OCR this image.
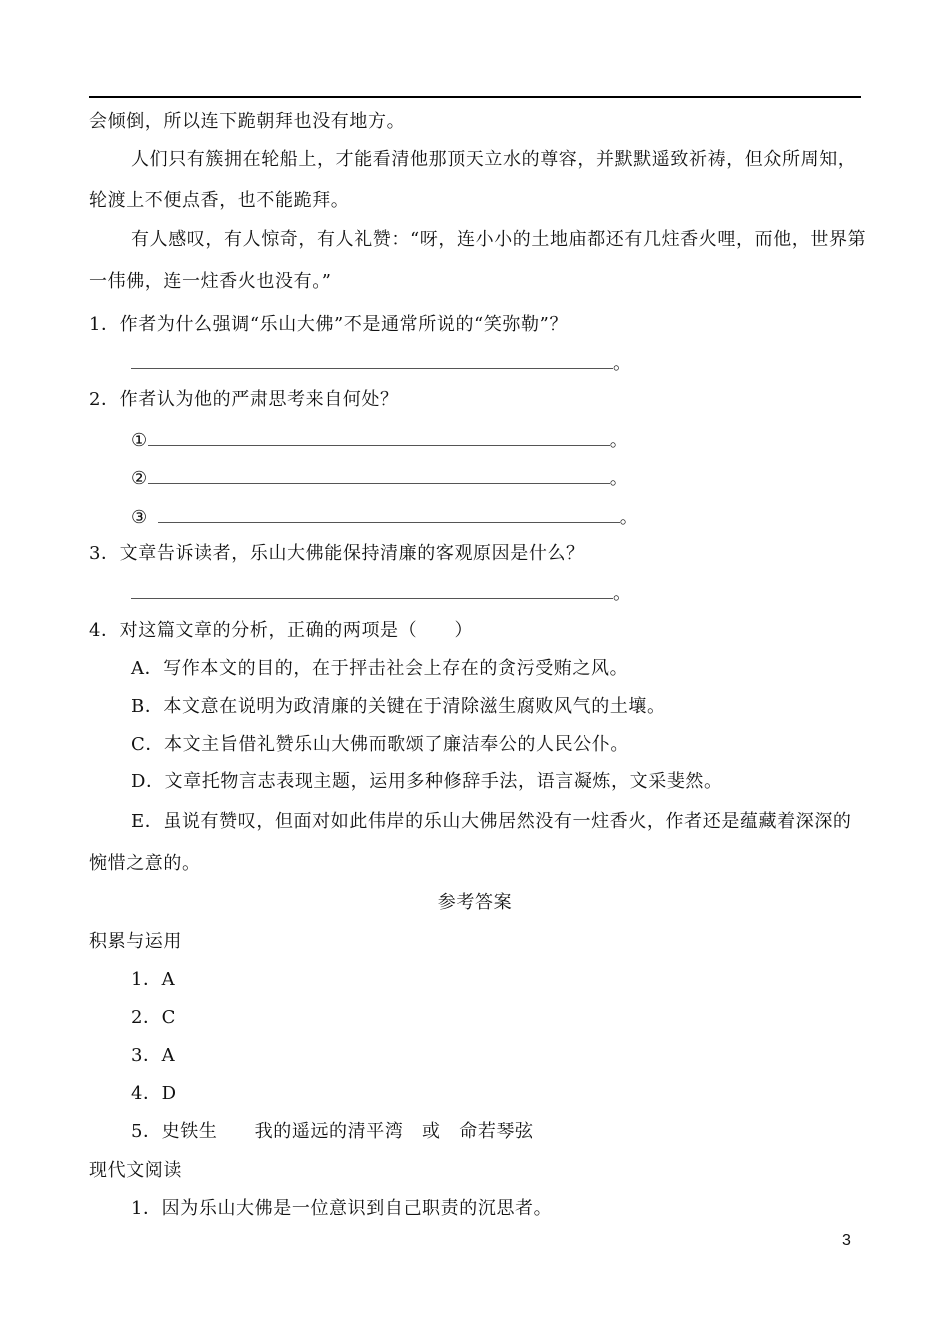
会倾倒，所以连下跪朝拜也没有地方。
人们只有簇拥在轮船上，才能看清他那顶天立水的尊容，并默默遥致祈祷，但众所周知，
轮渡上不便点香，也不能跪拜。
有人感叹，有人惊奇，有人礼赞：“呀，连小小的土地庙都还有几炷香火哩，而他，世界第
一伟佛，连一炷香火也没有。”
1．作者为什么强调“乐山大佛”不是通常所说的“笑弥勒”？
。
2．作者认为他的严肃思考来自何处？
①	。
②	。
③	。
3．文章告诉读者，乐山大佛能保持清廉的客观原因是什么？
。
4．对这篇文章的分析，正确的两项是（　　）
A．写作本文的目的，在于抨击社会上存在的贪污受贿之风。
B．本文意在说明为政清廉的关键在于清除滋生腐败风气的土壤。
C．本文主旨借礼赞乐山大佛而歌颂了廉洁奉公的人民公仆。
D．文章托物言志表现主题，运用多种修辞手法，语言凝炼，文采斐然。
E．虽说有赞叹，但面对如此伟岸的乐山大佛居然没有一炷香火，作者还是蕴藏着深深的
惋惜之意的。
参考答案
积累与运用
1．A
2．C
3．A
4．D
5．史铁生　　我的遥远的清平湾　或　命若琴弦
现代文阅读
1．因为乐山大佛是一位意识到自己职责的沉思者。
3
